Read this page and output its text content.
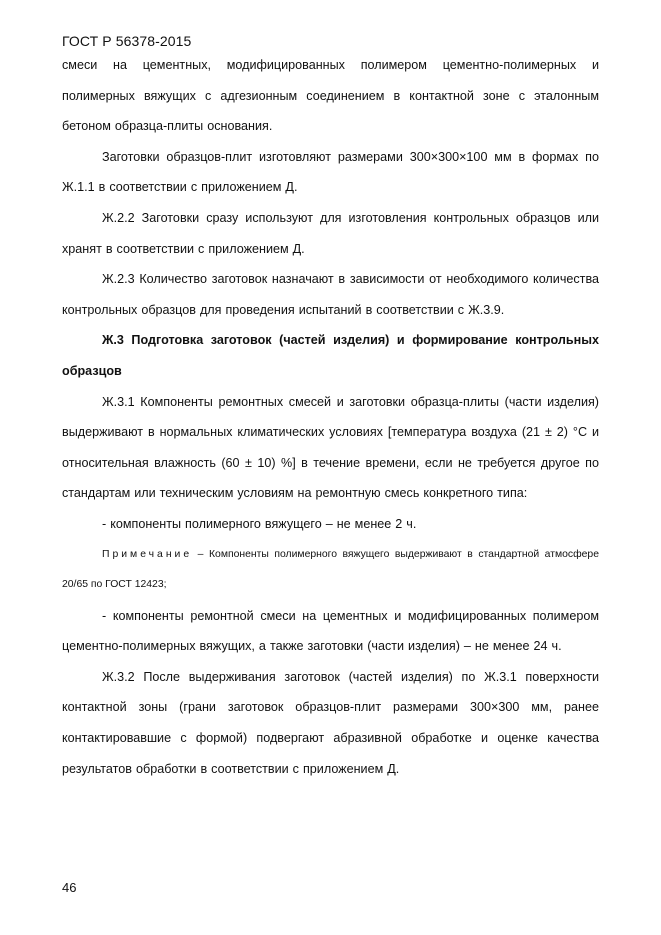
ГОСТ Р 56378-2015

смеси на цементных, модифицированных полимером цементно-полимерных и полимерных вяжущих с адгезионным соединением в контактной зоне с эталонным бетоном образца-плиты основания.

Заготовки образцов-плит изготовляют размерами 300×300×100 мм в формах по Ж.1.1 в соответствии с приложением Д.

Ж.2.2 Заготовки сразу используют для изготовления контрольных образцов или хранят в соответствии с приложением Д.

Ж.2.3 Количество заготовок назначают в зависимости от необходимого количества контрольных образцов для проведения испытаний в соответствии с Ж.3.9.

Ж.3 Подготовка заготовок (частей изделия) и формирование контрольных образцов

Ж.3.1 Компоненты ремонтных смесей и заготовки образца-плиты (части изделия) выдерживают в нормальных климатических условиях [температура воздуха (21 ± 2) °С и относительная влажность (60 ± 10) %] в течение времени, если не требуется другое по стандартам или техническим условиям на ремонтную смесь конкретного типа:

- компоненты полимерного вяжущего – не менее 2 ч.

Примечание – Компоненты полимерного вяжущего выдерживают в стандартной атмосфере 20/65 по ГОСТ 12423;

- компоненты ремонтной смеси на цементных и модифицированных полимером цементно-полимерных вяжущих, а также заготовки (части изделия) – не менее 24 ч.

Ж.3.2 После выдерживания заготовок (частей изделия) по Ж.3.1 поверхности контактной зоны (грани заготовок образцов-плит размерами 300×300 мм, ранее контактировавшие с формой) подвергают абразивной обработке и оценке качества результатов обработки в соответствии с приложением Д.

46
